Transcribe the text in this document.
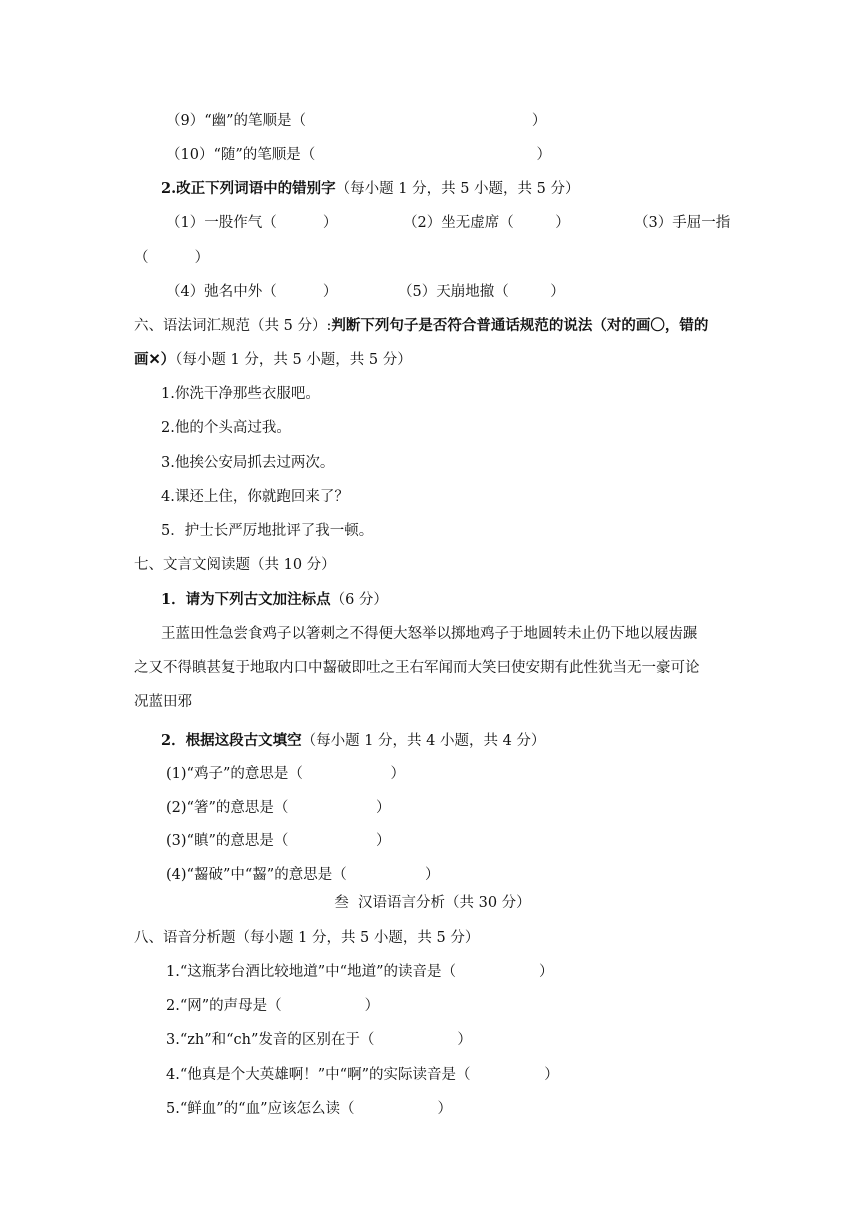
（9）“幽”的笔顺是（                                                 ）
（10）“随”的笔顺是（                                                ）
2.改正下列词语中的错别字（每小题 1 分，共 5 小题，共 5 分）
（1）一股作气（          ）	（2）坐无虚席（         ）	（3）手屈一指
（          ）
（4）弛名中外（          ）	（5）天崩地撤（         ）
六、语法词汇规范（共 5 分）:判断下列句子是否符合普通话规范的说法（对的画〇，错的
画✕）（每小题 1 分，共 5 小题，共 5 分）
1.你洗干净那些衣服吧。
2.他的个头高过我。
3.他挨公安局抓去过两次。
4.课还上住，你就跑回来了？
5．护士长严厉地批评了我一顿。
七、文言文阅读题（共 10 分）
1．请为下列古文加注标点（6 分）
王蓝田性急尝食鸡子以箸刺之不得便大怒举以掷地鸡子于地圆转未止仍下地以屐齿蹍
之又不得瞋甚复于地取内口中齧破即吐之王右军闻而大笑曰使安期有此性犹当无一豪可论
况蓝田邪
2．根据这段古文填空（每小题 1 分，共 4 小题，共 4 分）
(1)“鸡子”的意思是（                   ）
(2)“箸”的意思是（                   ）
(3)“瞋”的意思是（                   ）
(4)“齧破”中“齧”的意思是（                 ）
叁  汉语语言分析（共 30 分）
八、语音分析题（每小题 1 分，共 5 小题，共 5 分）
1.“这瓶茅台酒比较地道”中“地道”的读音是（                  ）
2.“网”的声母是（                  ）
3.“zh”和“ch”发音的区别在于（                  ）
4.“他真是个大英雄啊！”中“啊”的实际读音是（                ）
5.“鲜血”的“血”应该怎么读（                  ）
